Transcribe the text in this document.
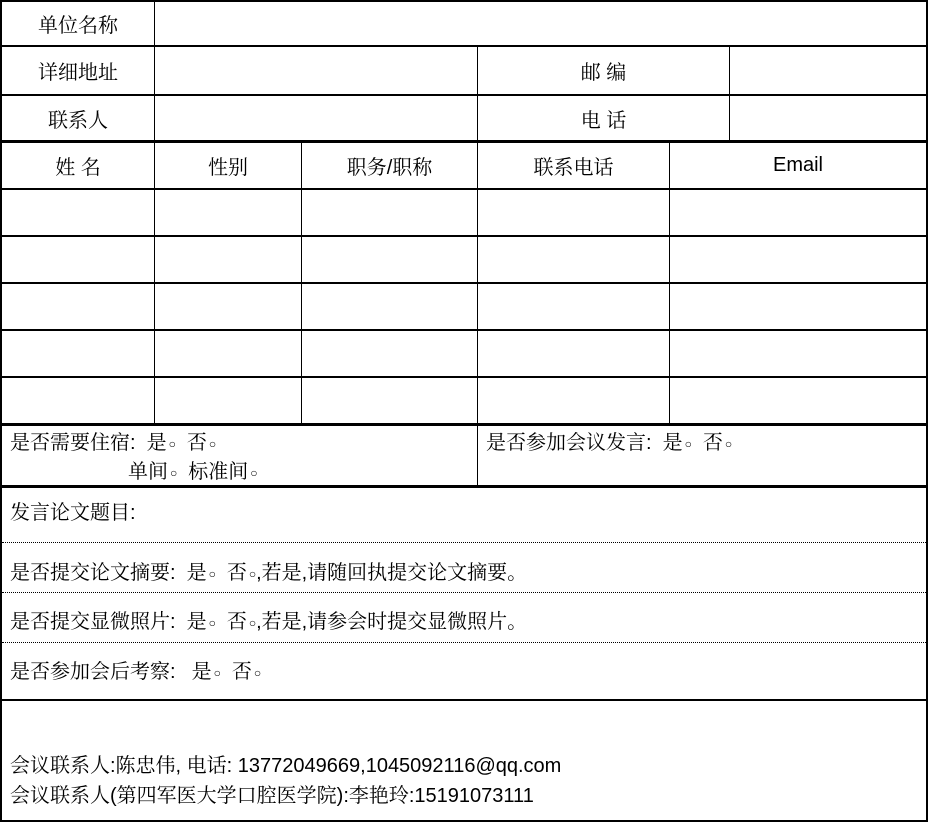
单位名称
详细地址	邮 编
联系人	电 话
姓 名	性别	职务/职称	联系电话	Email
是否需要住宿: 是 ○ 否 ○
单间 ○ 标准间 ○
是否参加会议发言: 是 ○ 否 ○
发言论文题目:
是否提交论文摘要: 是 ○ 否 ○,若是,请随回执提交论文摘要。
是否提交显微照片: 是 ○ 否 ○,若是,请参会时提交显微照片。
是否参加会后考察: 是 ○ 否 ○
会议联系人:陈忠伟, 电话: 13772049669,1045092116@qq.com
会议联系人(第四军医大学口腔医学院):李艳玲:15191073111
